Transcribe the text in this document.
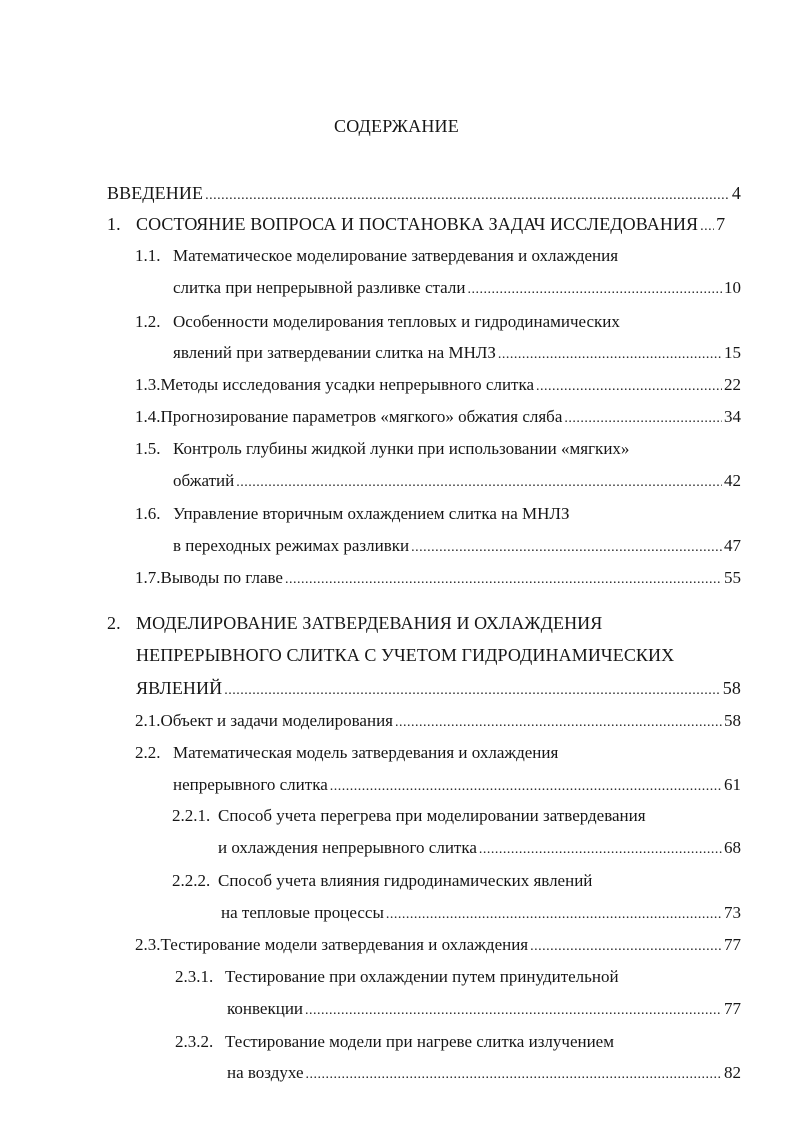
СОДЕРЖАНИЕ
ВВЕДЕНИЕ .....	4
1. СОСТОЯНИЕ ВОПРОСА И ПОСТАНОВКА ЗАДАЧ ИССЛЕДОВАНИЯ ..... 7
1.1. Математическое моделирование затвердевания и охлаждения
слитка при непрерывной разливке стали .....	10
1.2. Особенности моделирования тепловых и гидродинамических
явлений при затвердевании слитка на МНЛЗ .....	15
1.3. Методы исследования усадки непрерывного слитка .....	22
1.4. Прогнозирование параметров «мягкого» обжатия сляба .....	34
1.5. Контроль глубины жидкой лунки при использовании «мягких»
обжатий .....	42
1.6. Управление вторичным охлаждением слитка на МНЛЗ
в переходных режимах разливки .....	47
1.7. Выводы по главе .....	55
2. МОДЕЛИРОВАНИЕ ЗАТВЕРДЕВАНИЯ И ОХЛАЖДЕНИЯ
НЕПРЕРЫВНОГО СЛИТКА С УЧЕТОМ ГИДРОДИНАМИЧЕСКИХ
ЯВЛЕНИЙ .....	58
2.1. Объект и задачи моделирования .....	58
2.2. Математическая модель затвердевания и охлаждения
непрерывного слитка .....	61
2.2.1. Способ учета перегрева при моделировании затвердевания
и охлаждения непрерывного слитка .....	68
2.2.2. Способ учета влияния гидродинамических явлений
на тепловые процессы .....	73
2.3. Тестирование модели затвердевания и охлаждения .....	77
2.3.1. Тестирование при охлаждении путем принудительной
конвекции .....	77
2.3.2. Тестирование модели при нагреве слитка излучением
на воздухе .....	82
